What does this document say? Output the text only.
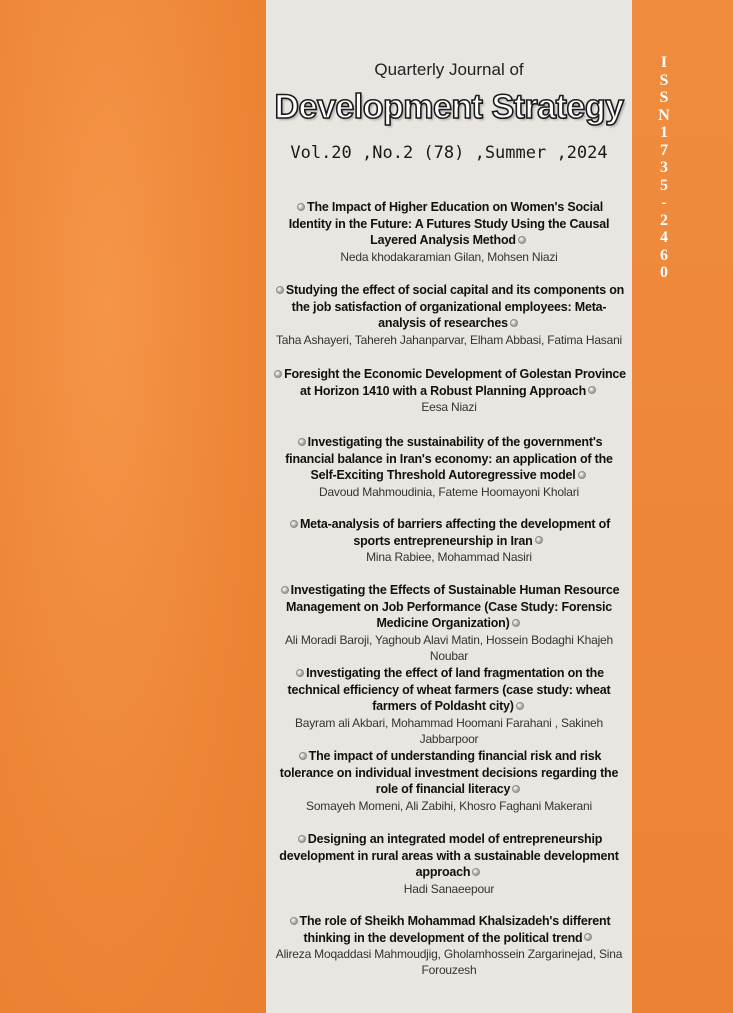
Quarterly Journal of
Development Strategy
Vol.20 ,No.2 (78) ,Summer ,2024
The Impact of Higher Education on Women's Social Identity in the Future: A Futures Study Using the Causal Layered Analysis Method
Neda khodakaramian Gilan, Mohsen Niazi
Studying the effect of social capital and its components on the job satisfaction of organizational employees: Meta-analysis of researches
Taha Ashayeri, Tahereh Jahanparvar, Elham Abbasi, Fatima Hasani
Foresight the Economic Development of Golestan Province at Horizon 1410 with a Robust Planning Approach
Eesa Niazi
Investigating the sustainability of the government's financial balance in Iran's economy: an application of the Self-Exciting Threshold Autoregressive model
Davoud Mahmoudinia, Fateme Hoomayoni Kholari
Meta-analysis of barriers affecting the development of sports entrepreneurship in Iran
Mina Rabiee, Mohammad Nasiri
Investigating the Effects of Sustainable Human Resource Management on Job Performance (Case Study: Forensic Medicine Organization)
Ali Moradi Baroji, Yaghoub Alavi Matin, Hossein Bodaghi Khajeh Noubar
Investigating the effect of land fragmentation on the technical efficiency of wheat farmers (case study: wheat farmers of Poldasht city)
Bayram ali Akbari, Mohammad Hoomani Farahani , Sakineh Jabbarpoor
The impact of understanding financial risk and risk tolerance on individual investment decisions regarding the role of financial literacy
Somayeh Momeni, Ali Zabihi, Khosro Faghani Makerani
Designing an integrated model of entrepreneurship development in rural areas with a sustainable development approach
Hadi Sanaeepour
The role of Sheikh Mohammad Khalsizadeh's different thinking in the development of the political trend
Alireza Moqaddasi Mahmoudjig, Gholamhossein Zargarinejad, Sina Forouzesh
I
S
S
N
1
7
3
5
-
2
4
6
0
